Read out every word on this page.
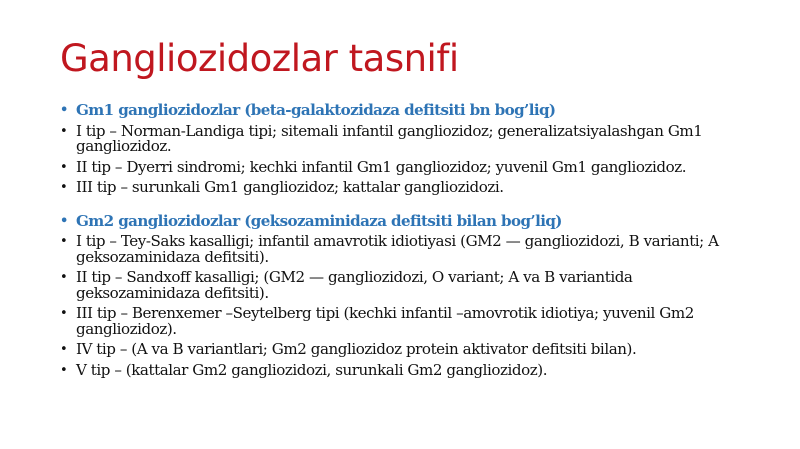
Gangliozidozlar tasnifi
• Gm1 gangliozidozlar (beta-galaktozidaza defitsiti bn bog’liq)
• I tip – Norman-Landiga tipi; sitemali infantil gangliozidoz; generalizatsiyalashgan Gm1 gangliozidoz.
• II tip – Dyerri sindromi; kechki infantil Gm1 gangliozidoz; yuvenil Gm1 gangliozidoz.
• III tip – surunkali Gm1 gangliozidoz; kattalar gangliozidozi.
• Gm2 gangliozidozlar (geksozaminidaza defitsiti bilan bog’liq)
• I tip – Tey-Saks kasalligi; infantil amavrotik idiotiyasi (GM2 — gangliozidozi, B varianti; A geksozaminidaza defitsiti).
• II tip – Sandxoff kasalligi; (GM2 — gangliozidozi, O variant; A va B variantida geksozaminidaza defitsiti).
• III tip – Berenxemer –Seytelberg tipi (kechki infantil –amovrotik idiotiya; yuvenil Gm2 gangliozidoz).
• IV tip – (A va B variantlari; Gm2 gangliozidoz protein aktivator defitsiti bilan).
• V tip – (kattalar Gm2 gangliozidozi, surunkali Gm2 gangliozidoz).
